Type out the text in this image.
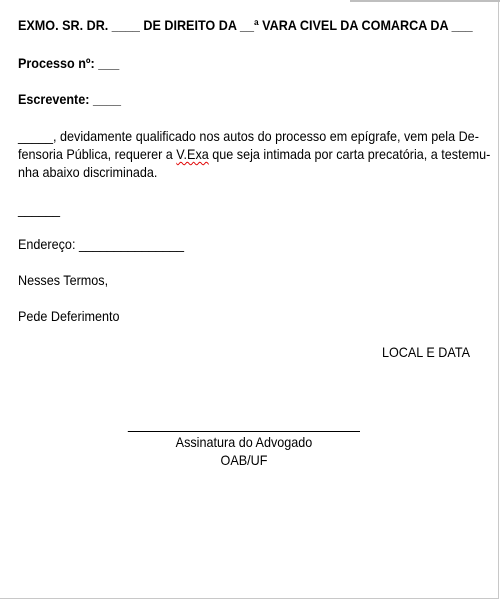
EXMO. SR. DR. ____ DE DIREITO DA __ª VARA CIVEL DA COMARCA DA ___
Processo nº: ___
Escrevente: ____
_____, devidamente qualificado nos autos do processo em epígrafe, vem pela De-
fensoria Pública, requerer a V.Exa que seja intimada por carta precatória, a testemu-
nha abaixo discriminada.
______
Endereço: _______________
Nesses Termos,
Pede Deferimento
LOCAL E DATA
Assinatura do Advogado
OAB/UF
